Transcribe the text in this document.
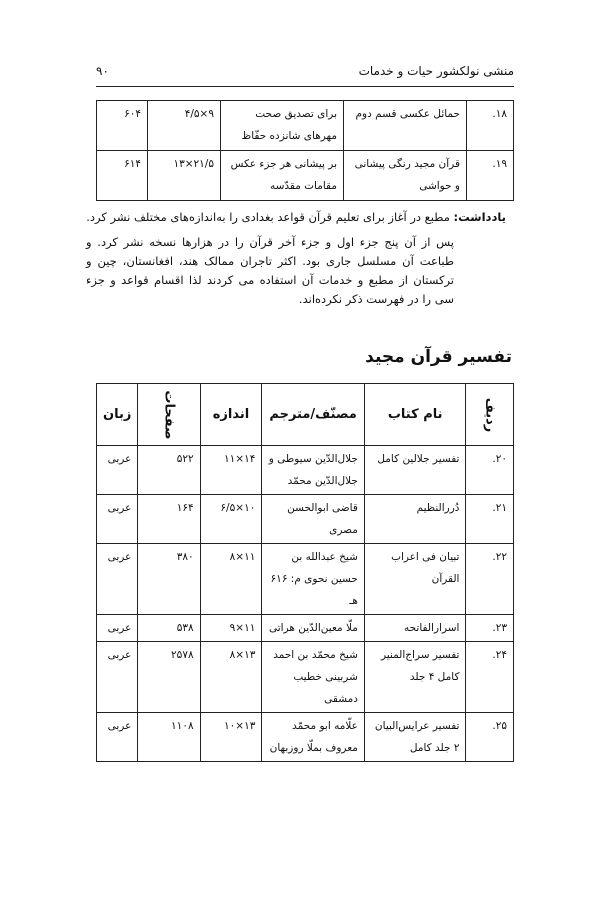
منشی نولکشور حیات و خدمات
۹۰
۱۸.	حمائل عکسی قسم دوم	برای تصدیق صحت مهرهای شانزده حفّاظ	۹×۴/۵	۶۰۴
۱۹.	قرآن مجید رنگی پیشانی و حواشی	بر پیشانی هر جزء عکس مقامات مقدّسه	۲۱/۵×۱۳	۶۱۴
یادداشت: مطبع در آغاز برای تعلیم قرآن قواعد بغدادی را به‌اندازه‌های مختلف نشر کرد.
پس از آن پنج جزء اول و جزء آخر قرآن را در هزارها نسخه نشر کرد. و طباعت آن مسلسل جاری بود. اکثر تاجران ممالک هند، افغانستان، چین و ترکستان از مطبع و خدمات آن استفاده می کردند لذا اقسام قواعد و جزء سی را در فهرست ذکر نکرده‌اند.
تفسیر قرآن مجید
ردیف	نام کتاب	مصنّف/مترجم	اندازه	صفحات	زبان
۲۰.	تفسیر جلالین کامل	جلال‌الدّین سیوطی و جلال‌الدّین محمّد	۱۴×۱۱	۵۲۲	عربی
۲۱.	دُررالنظیم	قاضی ابوالحسن مصری	۱۰×۶/۵	۱۶۴	عربی
۲۲.	تبیان فی اعراب القرآن	شیخ عبدالله بن حسین نحوی م: ۶۱۶ هـ	۱۱×۸	۳۸۰	عربی
۲۳.	اسرارالفاتحه	ملّا معین‌الدّین هراتی	۱۱×۹	۵۳۸	عربی
۲۴.	تفسیر سراج‌المنیر کامل ۴ جلد	شیخ محمّد بن احمد شربینی خطیب دمشقی	۱۳×۸	۲۵۷۸	عربی
۲۵.	تفسیر عرایس‌البیان ۲ جلد کامل	علّامه ابو محمّد معروف بملّا روزبهان	۱۳×۱۰	۱۱۰۸	عربی
